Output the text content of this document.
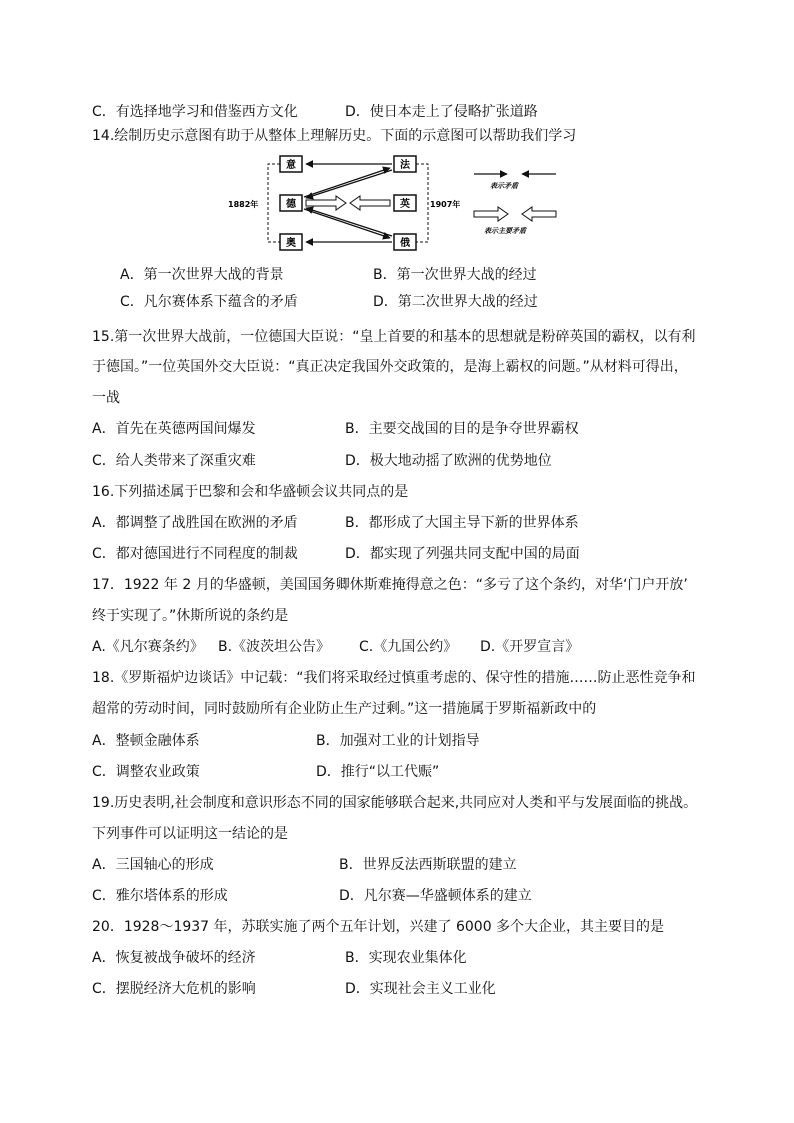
C．有选择地学习和借鉴西方文化	D．使日本走上了侵略扩张道路
14.绘制历史示意图有助于从整体上理解历史。下面的示意图可以帮助我们学习
1882年	1907年
意
德
奥
法
英
俄
表示矛盾
表示主要矛盾
A．第一次世界大战的背景	B．第一次世界大战的经过
C．凡尔赛体系下蕴含的矛盾	D．第二次世界大战的经过
15.第一次世界大战前，一位德国大臣说：“皇上首要的和基本的思想就是粉碎英国的霸权，以有利
于德国。”一位英国外交大臣说：“真正决定我国外交政策的，是海上霸权的问题。”从材料可得出，
一战
A．首先在英德两国间爆发	B．主要交战国的目的是争夺世界霸权
C．给人类带来了深重灾难	D．极大地动摇了欧洲的优势地位
16.下列描述属于巴黎和会和华盛顿会议共同点的是
A．都调整了战胜国在欧洲的矛盾	B．都形成了大国主导下新的世界体系
C．都对德国进行不同程度的制裁	D．都实现了列强共同支配中国的局面
17．1922 年 2 月的华盛顿，美国国务卿休斯难掩得意之色：“多亏了这个条约，对华‘门户开放’
终于实现了。”休斯所说的条约是
A.《凡尔赛条约》 B.《波茨坦公告》 C.《九国公约》 D.《开罗宣言》
18.《罗斯福炉边谈话》中记载：“我们将采取经过慎重考虑的、保守性的措施……防止恶性竞争和
超常的劳动时间，同时鼓励所有企业防止生产过剩。”这一措施属于罗斯福新政中的
A．整顿金融体系	B．加强对工业的计划指导
C．调整农业政策	D．推行“以工代赈”
19.历史表明,社会制度和意识形态不同的国家能够联合起来,共同应对人类和平与发展面临的挑战。
下列事件可以证明这一结论的是
A．三国轴心的形成	B．世界反法西斯联盟的建立
C．雅尔塔体系的形成	D．凡尔赛—华盛顿体系的建立
20．1928～1937 年，苏联实施了两个五年计划，兴建了 6000 多个大企业，其主要目的是
A．恢复被战争破坏的经济	B．实现农业集体化
C．摆脱经济大危机的影响	D．实现社会主义工业化
